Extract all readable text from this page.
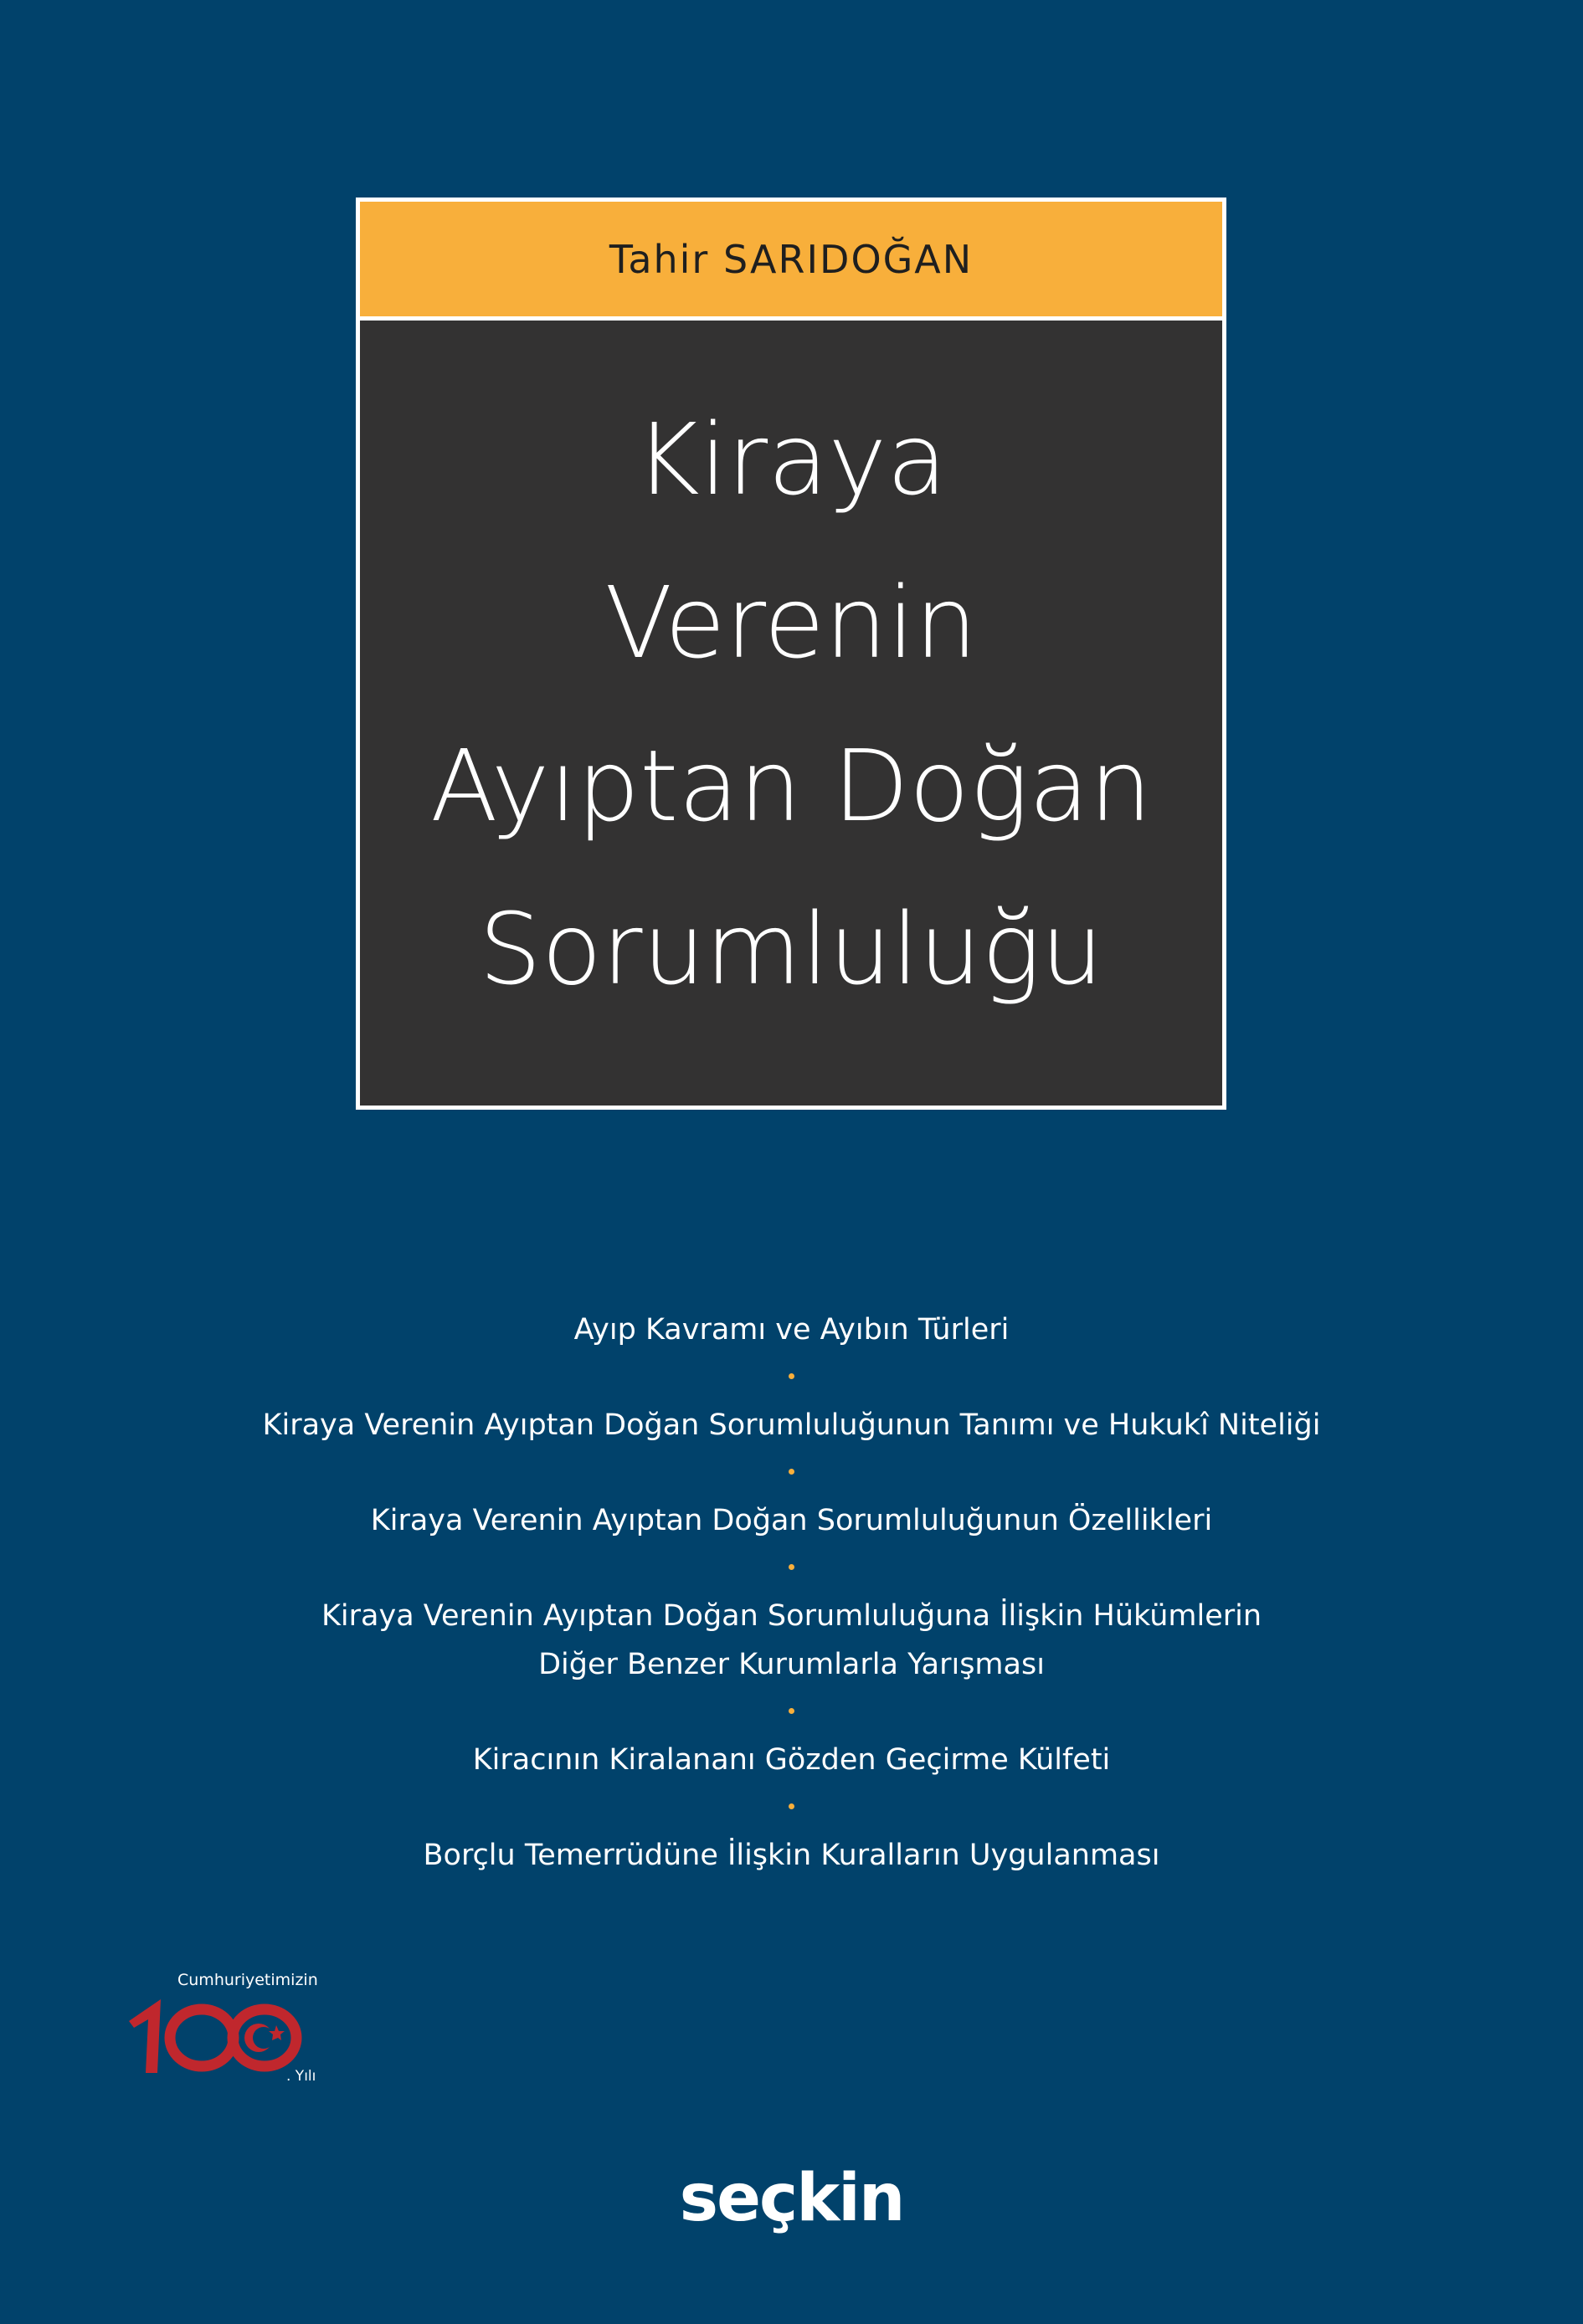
Tahir SARIDOĞAN
Kiraya
Verenin
Ayıptan Doğan
Sorumluluğu
Ayıp Kavramı ve Ayıbın Türleri
Kiraya Verenin Ayıptan Doğan Sorumluluğunun Tanımı ve Hukukî Niteliği
Kiraya Verenin Ayıptan Doğan Sorumluluğunun Özellikleri
Kiraya Verenin Ayıptan Doğan Sorumluluğuna İlişkin Hükümlerin
Diğer Benzer Kurumlarla Yarışması
Kiracının Kiralananı Gözden Geçirme Külfeti
Borçlu Temerrüdüne İlişkin Kuralların Uygulanması
Cumhuriyetimizin
. Yılı
seçkin
